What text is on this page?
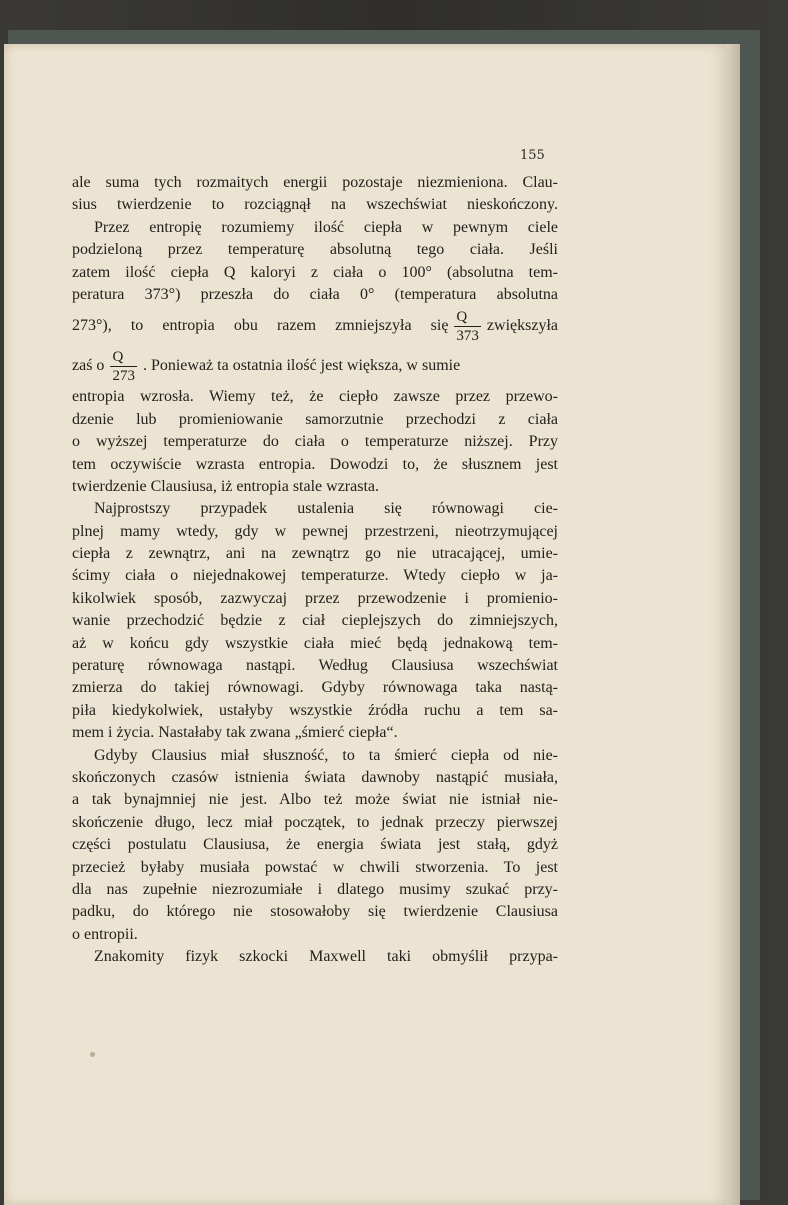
155
ale suma tych rozmaitych energii pozostaje niezmieniona. Clau-
sius twierdzenie to rozciągnął na wszechświat nieskończony.
Przez entropię rozumiemy ilość ciepła w pewnym ciele
podzieloną przez temperaturę absolutną tego ciała. Jeśli
zatem ilość ciepła Q kaloryi z ciała o 100° (absolutna tem-
peratura 373°) przeszła do ciała 0° (temperatura absolutna
273°), to entropia obu razem zmniejszyła się $\frac{Q}{373}$ zwiększyła
zaś o $\frac{Q}{273}$ . Ponieważ ta ostatnia ilość jest większa, w sumie
entropia wzrosła. Wiemy też, że ciepło zawsze przez przewo-
dzenie lub promieniowanie samorzutnie przechodzi z ciała
o wyższej temperaturze do ciała o temperaturze niższej. Przy
tem oczywiście wzrasta entropia. Dowodzi to, że słusznem jest
twierdzenie Clausiusa, iż entropia stale wzrasta.
Najprostszy przypadek ustalenia się równowagi cie-
plnej mamy wtedy, gdy w pewnej przestrzeni, nieotrzymującej
ciepła z zewnątrz, ani na zewnątrz go nie utracającej, umie-
ścimy ciała o niejednakowej temperaturze. Wtedy ciepło w ja-
kikolwiek sposób, zazwyczaj przez przewodzenie i promienio-
wanie przechodzić będzie z ciał cieplejszych do zimniejszych,
aż w końcu gdy wszystkie ciała mieć będą jednakową tem-
peraturę równowaga nastąpi. Według Clausiusa wszechświat
zmierza do takiej równowagi. Gdyby równowaga taka nastą-
piła kiedykolwiek, ustałyby wszystkie źródła ruchu a tem sa-
mem i życia. Nastałaby tak zwana „śmierć ciepła“.
Gdyby Clausius miał słuszność, to ta śmierć ciepła od nie-
skończonych czasów istnienia świata dawnoby nastąpić musiała,
a tak bynajmniej nie jest. Albo też może świat nie istniał nie-
skończenie długo, lecz miał początek, to jednak przeczy pierwszej
części postulatu Clausiusa, że energia świata jest stałą, gdyż
przecież byłaby musiała powstać w chwili stworzenia. To jest
dla nas zupełnie niezrozumiałe i dlatego musimy szukać przy-
padku, do którego nie stosowałoby się twierdzenie Clausiusa
o entropii.
Znakomity fizyk szkocki Maxwell taki obmyślił przypa-
